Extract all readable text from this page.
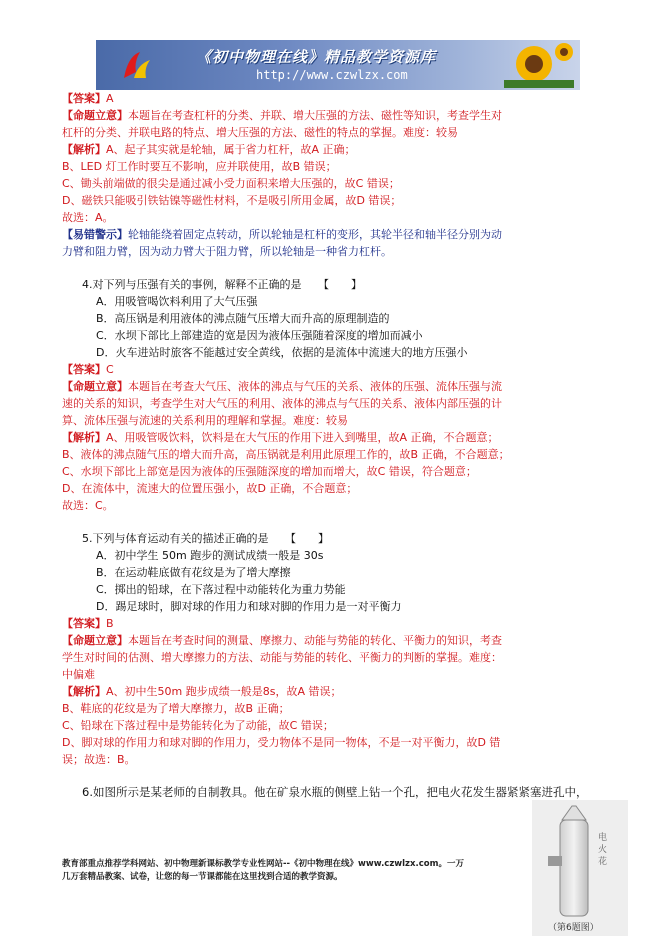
《初中物理在线》精品教学资源库
http://www.czwlzx.com

【答案】A

【命题立意】本题旨在考查杠杆的分类、并联、增大压强的方法、磁性等知识，考查学生对

杠杆的分类、并联电路的特点、增大压强的方法、磁性的特点的掌握。难度：较易

【解析】A、起子其实就是轮轴，属于省力杠杆，故A 正确；

B、LED 灯工作时要互不影响，应并联使用，故B 错误；

C、锄头前端做的很尖是通过减小受力面积来增大压强的，故C 错误；

D、磁铁只能吸引铁钴镍等磁性材料，不是吸引所用金属，故D 错误；

故选：A。

【易错警示】轮轴能绕着固定点转动，所以轮轴是杠杆的变形，其轮半径和轴半径分别为动

力臂和阻力臂，因为动力臂大于阻力臂，所以轮轴是一种省力杠杆。

4.对下列与压强有关的事例，解释不正确的是　　【　　】
A．用吸管喝饮料利用了大气压强
B．高压锅是利用液体的沸点随气压增大而升高的原理制造的
C．水坝下部比上部建造的宽是因为液体压强随着深度的增加而减小
D．火车进站时旅客不能越过安全黄线，依据的是流体中流速大的地方压强小

【答案】C

【命题立意】本题旨在考查大气压、液体的沸点与气压的关系、液体的压强、流体压强与流

速的关系的知识，考查学生对大气压的利用、液体的沸点与气压的关系、液体内部压强的计

算、流体压强与流速的关系利用的理解和掌握。难度：较易

【解析】A、用吸管吸饮料，饮料是在大气压的作用下进入到嘴里，故A 正确，不合题意；

B、液体的沸点随气压的增大而升高，高压锅就是利用此原理工作的，故B 正确，不合题意；

C、水坝下部比上部宽是因为液体的压强随深度的增加而增大，故C 错误，符合题意；

D、在流体中，流速大的位置压强小，故D 正确，不合题意；

故选：C。

5.下列与体育运动有关的描述正确的是　　【　　】
A．初中学生 50m 跑步的测试成绩一般是 30s
B．在运动鞋底做有花纹是为了增大摩擦
C．掷出的铅球，在下落过程中动能转化为重力势能
D．踢足球时，脚对球的作用力和球对脚的作用力是一对平衡力

【答案】B

【命题立意】本题旨在考查时间的测量、摩擦力、动能与势能的转化、平衡力的知识，考查

学生对时间的估测、增大摩擦力的方法、动能与势能的转化、平衡力的判断的掌握。难度：

中偏难

【解析】A、初中生50m 跑步成绩一般是8s，故A 错误；

B、鞋底的花纹是为了增大摩擦力，故B 正确；

C、铅球在下落过程中是势能转化为了动能，故C 错误；

D、脚对球的作用力和球对脚的作用力，受力物体不是同一物体，不是一对平衡力，故D 错

误；故选：B。

6.如图所示是某老师的自制教具。他在矿泉水瓶的侧壁上钻一个孔，把电火花发生器紧紧塞进孔中，
电
火
花
（第6题图）
教育部重点推荐学科网站、初中物理新课标教学专业性网站--《初中物理在线》www.czwlzx.com。一万
几万套精品教案、试卷，让您的每一节课都能在这里找到合适的教学资源。
